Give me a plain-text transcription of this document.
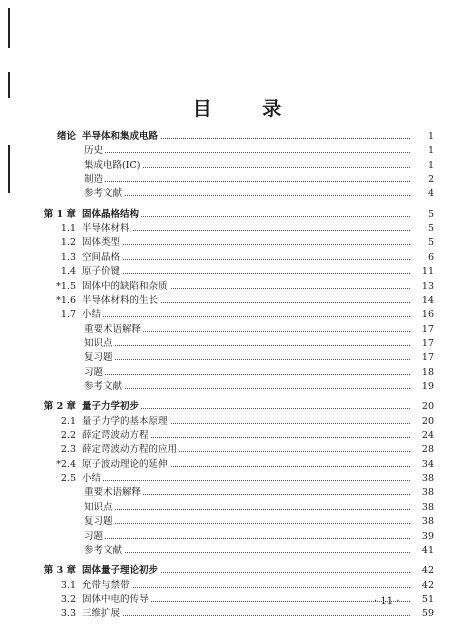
目 录
绪论 半导体和集成电路	1
历史	1
集成电路(IC)	1
制造	2
参考文献	4
第 1 章 固体晶格结构	5
1.1 半导体材料	5
1.2 固体类型	5
1.3 空间晶格	6
1.4 原子价键	11
*1.5 固体中的缺陷和杂质	13
*1.6 半导体材料的生长	14
1.7 小结	16
重要术语解释	17
知识点	17
复习题	17
习题	18
参考文献	19
第 2 章 量子力学初步	20
2.1 量子力学的基本原理	20
2.2 薛定谔波动方程	24
2.3 薛定谔波动方程的应用	28
*2.4 原子波动理论的延伸	34
2.5 小结	38
重要术语解释	38
知识点	38
复习题	38
习题	39
参考文献	41
第 3 章 固体量子理论初步	42
3.1 允带与禁带	42
3.2 固体中电的传导	51
3.3 三维扩展	59
· 11 ·
